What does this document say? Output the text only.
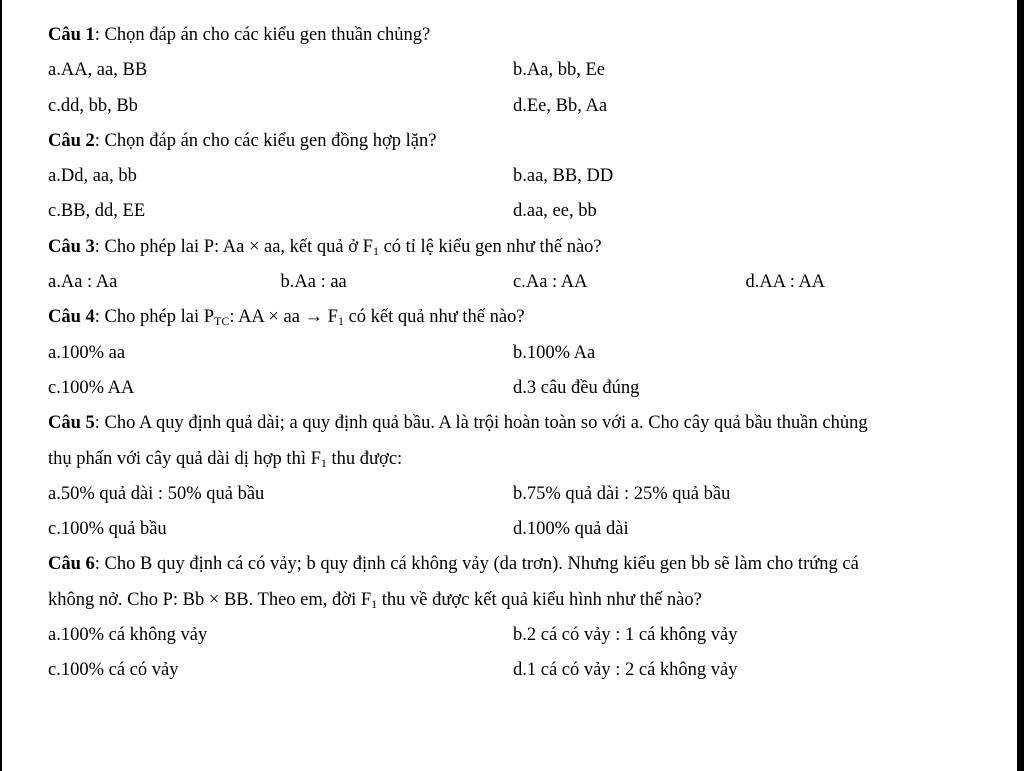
Câu 1: Chọn đáp án cho các kiểu gen thuần chủng?

a.AA, aa, BB	b.Aa, bb, Ee
c.dd, bb, Bb	d.Ee, Bb, Aa

Câu 2: Chọn đáp án cho các kiểu gen đồng hợp lặn?

a.Dd, aa, bb	b.aa, BB, DD
c.BB, dd, EE	d.aa, ee, bb

Câu 3: Cho phép lai P: Aa × aa, kết quả ở $F_1$ có tỉ lệ kiểu gen như thế nào?

a.Aa : Aa	b.Aa : aa	c.Aa : AA	d.AA : AA

Câu 4: Cho phép lai $P_{TC}$: AA × aa → $F_1$ có kết quả như thế nào?

a.100% aa	b.100% Aa
c.100% AA	d.3 câu đều đúng

Câu 5: Cho A quy định quả dài; a quy định quả bầu. A là trội hoàn toàn so với a. Cho cây quả bầu thuần chủng

thụ phấn với cây quả dài dị hợp thì $F_1$ thu được:

a.50% quả dài : 50% quả bầu	b.75% quả dài : 25% quả bầu
c.100% quả bầu	d.100% quả dài

Câu 6: Cho B quy định cá có vảy; b quy định cá không vảy (da trơn). Nhưng kiểu gen bb sẽ làm cho trứng cá

không nở. Cho P: Bb × BB. Theo em, đời $F_1$ thu về được kết quả kiểu hình như thế nào?

a.100% cá không vảy	b.2 cá có vảy : 1 cá không vảy
c.100% cá có vảy	d.1 cá có vảy : 2 cá không vảy
